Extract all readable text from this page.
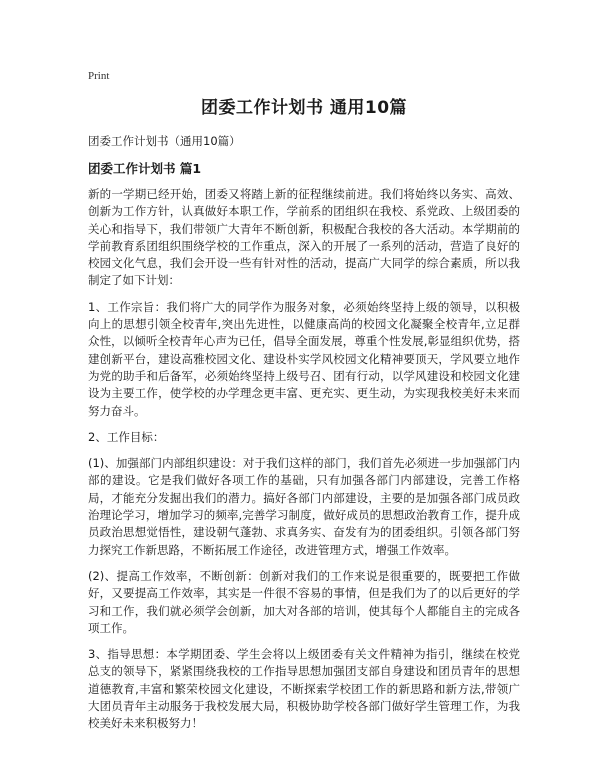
Print
团委工作计划书 通用10篇

团委工作计划书（通用10篇）

团委工作计划书 篇1

新的一学期已经开始，团委又将踏上新的征程继续前进。我们将始终以务实、高效、创新为工作方针，认真做好本职工作，学前系的团组织在我校、系党政、上级团委的关心和指导下，我们带领广大青年不断创新，积极配合我校的各大活动。本学期前的学前教育系团组织围绕学校的工作重点，深入的开展了一系列的活动，营造了良好的校园文化气息，我们会开设一些有针对性的活动，提高广大同学的综合素质，所以我制定了如下计划：

1、工作宗旨：我们将广大的同学作为服务对象，必须始终坚持上级的领导，以积极向上的思想引领全校青年,突出先进性，以健康高尚的校园文化凝聚全校青年,立足群众性，以倾听全校青年心声为已任，倡导全面发展，尊重个性发展,彰显组织优势，搭建创新平台，建设高雅校园文化、建设朴实学风校园文化精神要顶天，学风要立地作为党的助手和后备军，必须始终坚持上级号召、团有行动，以学风建设和校园文化建设为主要工作，使学校的办学理念更丰富、更充实、更生动，为实现我校美好未来而努力奋斗。

2、工作目标：

(1)、加强部门内部组织建设：对于我们这样的部门，我们首先必须进一步加强部门内部的建设。它是我们做好各项工作的基础，只有加强各部门内部建设，完善工作格局，才能充分发掘出我们的潜力。搞好各部门内部建设，主要的是加强各部门成员政治理论学习，增加学习的频率,完善学习制度，做好成员的思想政治教育工作，提升成员政治思想觉悟性，建设朝气蓬勃、求真务实、奋发有为的团委组织。引领各部门努力探究工作新思路，不断拓展工作途径，改进管理方式，增强工作效率。

(2)、提高工作效率，不断创新：创新对我们的工作来说是很重要的，既要把工作做好，又要提高工作效率，其实是一件很不容易的事情，但是我们为了的以后更好的学习和工作，我们就必须学会创新，加大对各部的培训，使其每个人都能自主的完成各项工作。

3、指导思想：本学期团委、学生会将以上级团委有关文件精神为指引，继续在校党总支的领导下，紧紧围绕我校的工作指导思想加强团支部自身建设和团员青年的思想道德教育,丰富和繁荣校园文化建设，不断探索学校团工作的新思路和新方法,带领广大团员青年主动服务于我校发展大局，积极协助学校各部门做好学生管理工作，为我校美好未来积极努力！
